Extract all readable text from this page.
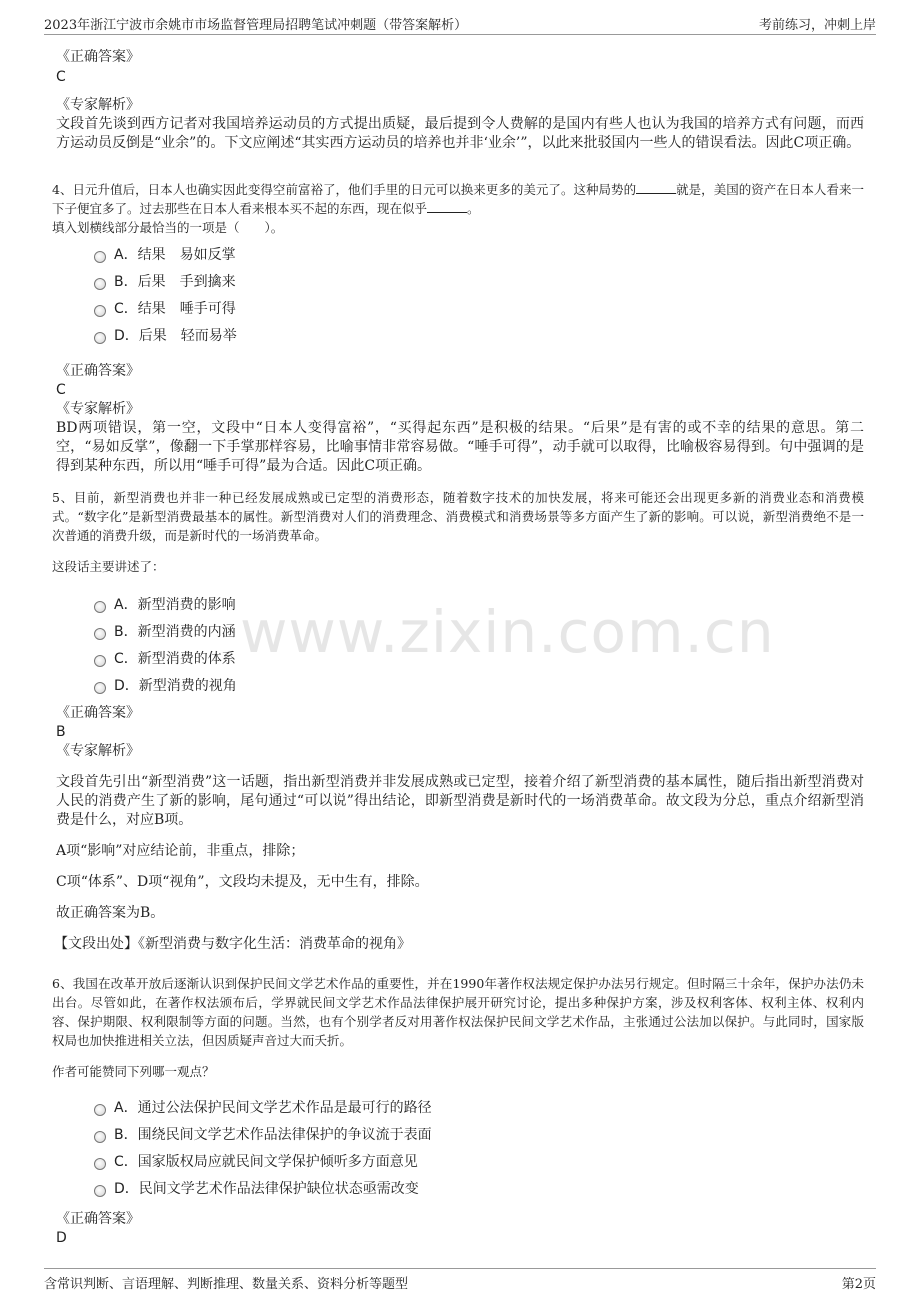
2023年浙江宁波市余姚市市场监督管理局招聘笔试冲刺题（带答案解析）	考前练习，冲刺上岸
www.zixin.com.cn

《正确答案》

C

《专家解析》

文段首先谈到西方记者对我国培养运动员的方式提出质疑，最后提到令人费解的是国内有些人也认为我国的培养方式有问题，而西方运动员反倒是“业余”的。下文应阐述“其实西方运动员的培养也并非‘业余’”，以此来批驳国内一些人的错误看法。因此C项正确。

4、日元升值后，日本人也确实因此变得空前富裕了，他们手里的日元可以换来更多的美元了。这种局势的	就是，美国的资产在日本人看来一下子便宜多了。过去那些在日本人看来根本买不起的东西，现在似乎	。

填入划横线部分最恰当的一项是（　　）。

A．结果　易如反掌
B．后果　手到擒来
C．结果　唾手可得
D．后果　轻而易举

《正确答案》

C

《专家解析》

BD两项错误，第一空，文段中“日本人变得富裕”，“买得起东西”是积极的结果。“后果”是有害的或不幸的结果的意思。第二空，“易如反掌”，像翻一下手掌那样容易，比喻事情非常容易做。“唾手可得”，动手就可以取得，比喻极容易得到。句中强调的是得到某种东西，所以用“唾手可得”最为合适。因此C项正确。

5、目前，新型消费也并非一种已经发展成熟或已定型的消费形态，随着数字技术的加快发展，将来可能还会出现更多新的消费业态和消费模式。“数字化”是新型消费最基本的属性。新型消费对人们的消费理念、消费模式和消费场景等多方面产生了新的影响。可以说，新型消费绝不是一次普通的消费升级，而是新时代的一场消费革命。

这段话主要讲述了：

A．新型消费的影响
B．新型消费的内涵
C．新型消费的体系
D．新型消费的视角

《正确答案》

B

《专家解析》

文段首先引出“新型消费”这一话题，指出新型消费并非发展成熟或已定型，接着介绍了新型消费的基本属性，随后指出新型消费对人民的消费产生了新的影响，尾句通过“可以说”得出结论，即新型消费是新时代的一场消费革命。故文段为分总，重点介绍新型消费是什么，对应B项。

A项“影响”对应结论前，非重点，排除；

C项“体系”、D项“视角”，文段均未提及，无中生有，排除。

故正确答案为B。

【文段出处】《新型消费与数字化生活：消费革命的视角》

6、我国在改革开放后逐渐认识到保护民间文学艺术作品的重要性，并在1990年著作权法规定保护办法另行规定。但时隔三十余年，保护办法仍未出台。尽管如此，在著作权法颁布后，学界就民间文学艺术作品法律保护展开研究讨论，提出多种保护方案，涉及权利客体、权利主体、权利内容、保护期限、权利限制等方面的问题。当然，也有个别学者反对用著作权法保护民间文学艺术作品，主张通过公法加以保护。与此同时，国家版权局也加快推进相关立法，但因质疑声音过大而夭折。

作者可能赞同下列哪一观点？

A．通过公法保护民间文学艺术作品是最可行的路径
B．围绕民间文学艺术作品法律保护的争议流于表面
C．国家版权局应就民间文学保护倾听多方面意见
D．民间文学艺术作品法律保护缺位状态亟需改变

《正确答案》

D

含常识判断、言语理解、判断推理、数量关系、资料分析等题型	第2页
